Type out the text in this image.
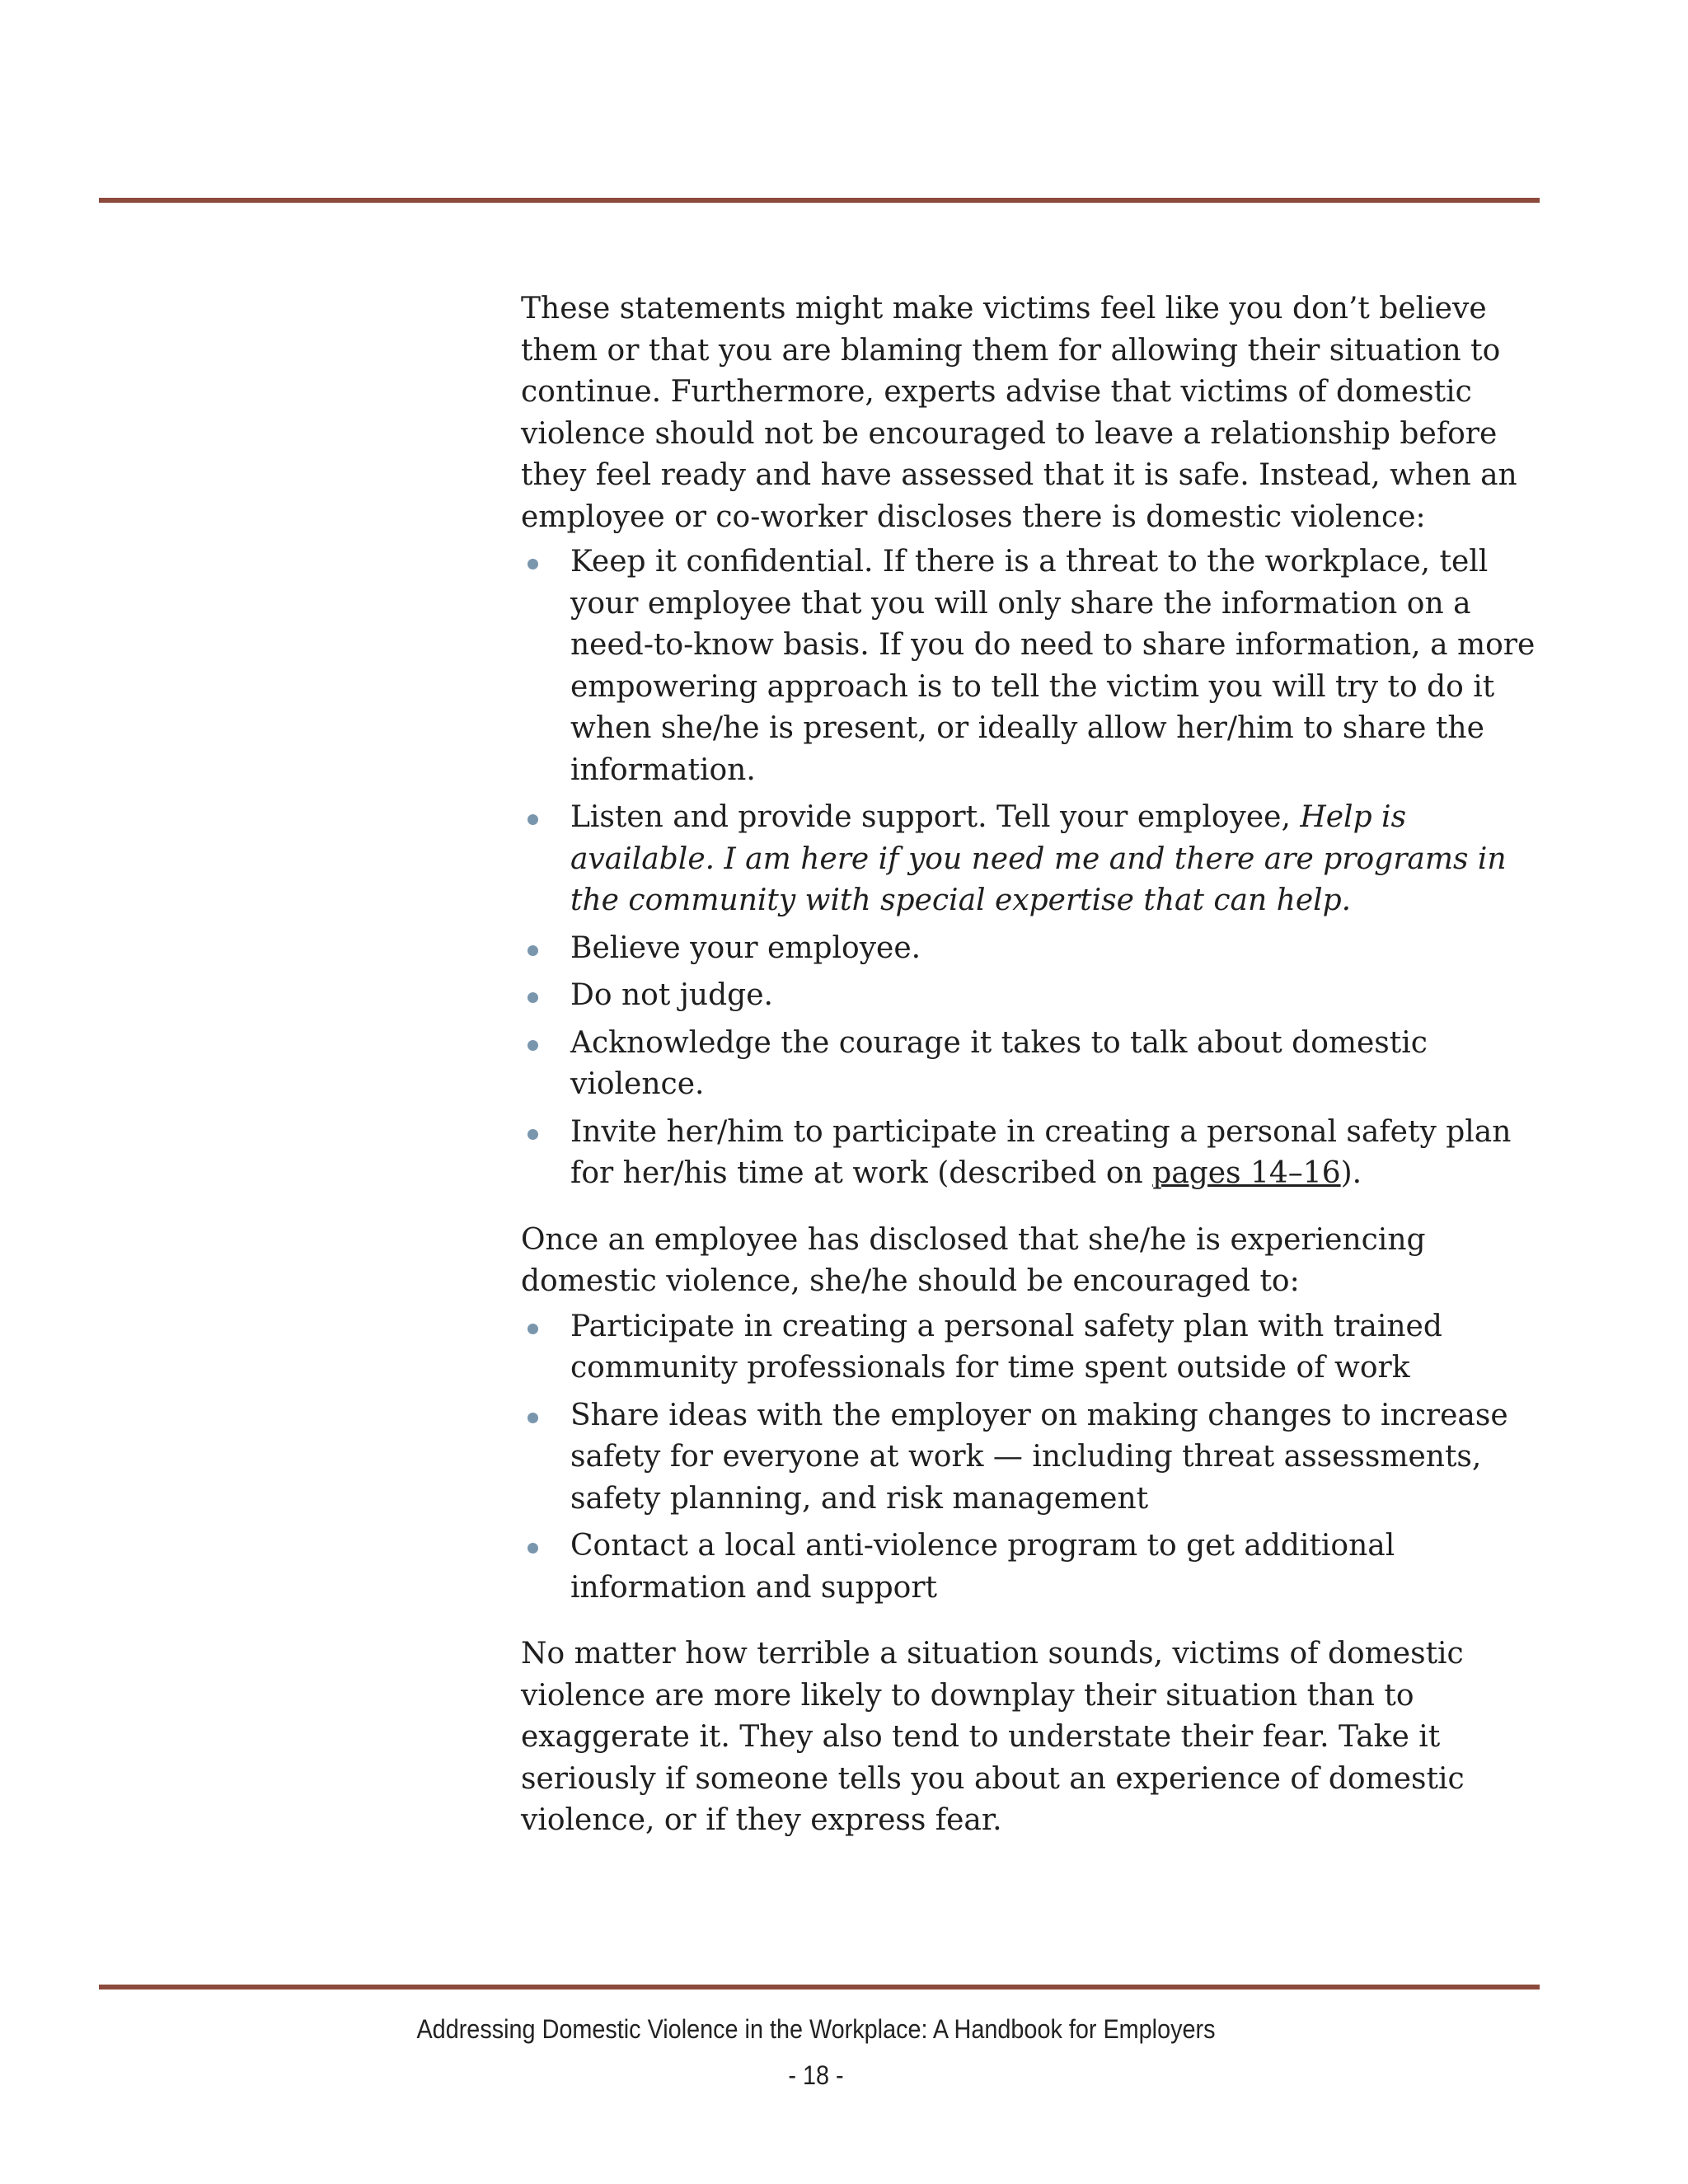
These statements might make victims feel like you don’t believe them or that you are blaming them for allowing their situation to continue. Furthermore, experts advise that victims of domestic violence should not be encouraged to leave a relationship before they feel ready and have assessed that it is safe. Instead, when an employee or co-worker discloses there is domestic violence:

Keep it confidential. If there is a threat to the workplace, tell your employee that you will only share the information on a need-to-know basis. If you do need to share information, a more empowering approach is to tell the victim you will try to do it when she/he is present, or ideally allow her/him to share the information.
Listen and provide support. Tell your employee, Help is available. I am here if you need me and there are programs in the community with special expertise that can help.
Believe your employee.
Do not judge.
Acknowledge the courage it takes to talk about domestic violence.
Invite her/him to participate in creating a personal safety plan for her/his time at work (described on pages 14–16).

Once an employee has disclosed that she/he is experiencing domestic violence, she/he should be encouraged to:

Participate in creating a personal safety plan with trained community professionals for time spent outside of work
Share ideas with the employer on making changes to increase safety for everyone at work — including threat assessments, safety planning, and risk management
Contact a local anti-violence program to get additional information and support

No matter how terrible a situation sounds, victims of domestic violence are more likely to downplay their situation than to exaggerate it. They also tend to understate their fear. Take it seriously if someone tells you about an experience of domestic violence, or if they express fear.

Addressing Domestic Violence in the Workplace: A Handbook for Employers
- 18 -
